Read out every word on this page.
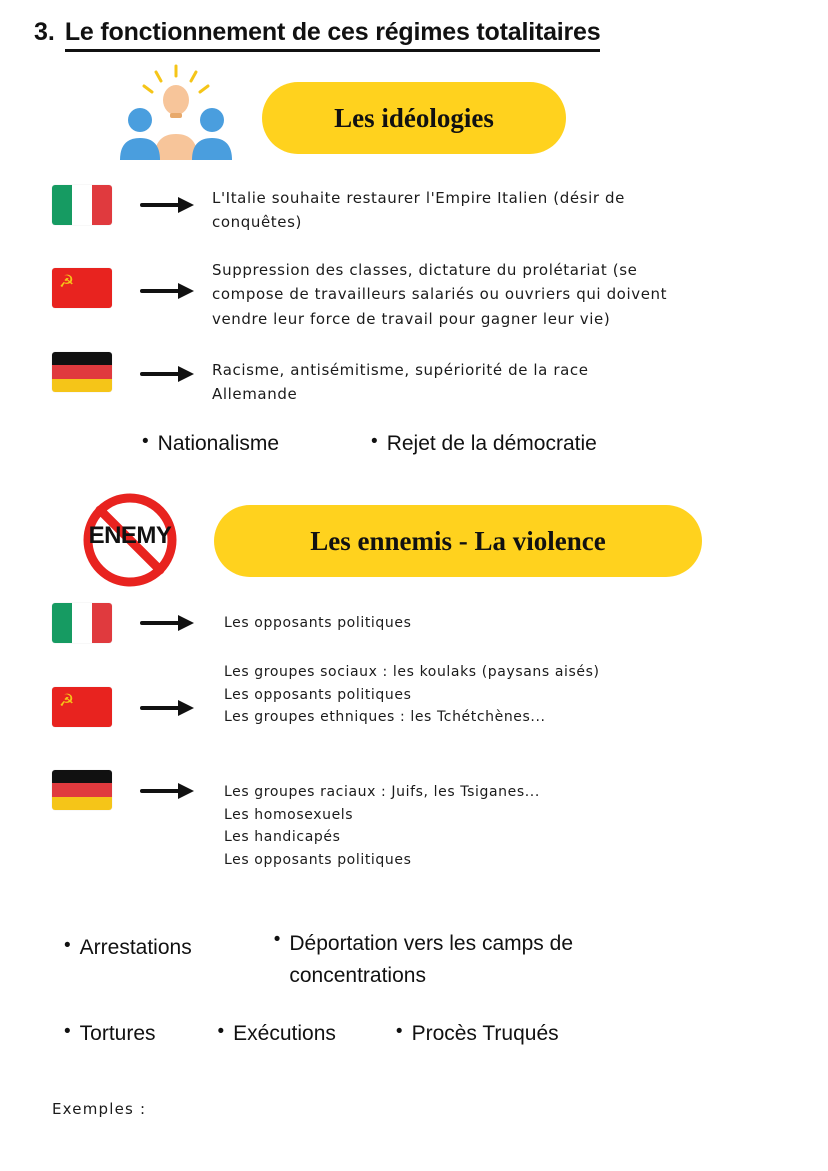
3. Le fonctionnement de ces régimes totalitaires
Les idéologies
L'Italie souhaite restaurer l'Empire Italien (désir de
conquêtes)
☭
Suppression des classes, dictature du prolétariat (se
compose de travailleurs salariés ou ouvriers qui doivent
vendre leur force de travail pour gagner leur vie)
Racisme, antisémitisme, supériorité de la race
Allemande
• Nationalisme	• Rejet de la démocratie
ENEMY	Les ennemis - La violence
Les opposants politiques
☭
Les groupes sociaux : les koulaks (paysans aisés)
Les opposants politiques
Les groupes ethniques : les Tchétchènes...
Les groupes raciaux : Juifs, les Tsiganes...
Les homosexuels
Les handicapés
Les opposants politiques
• Arrestations	• Déportation vers les camps de concentrations
• Tortures	• Exécutions	• Procès Truqués
Exemples :
